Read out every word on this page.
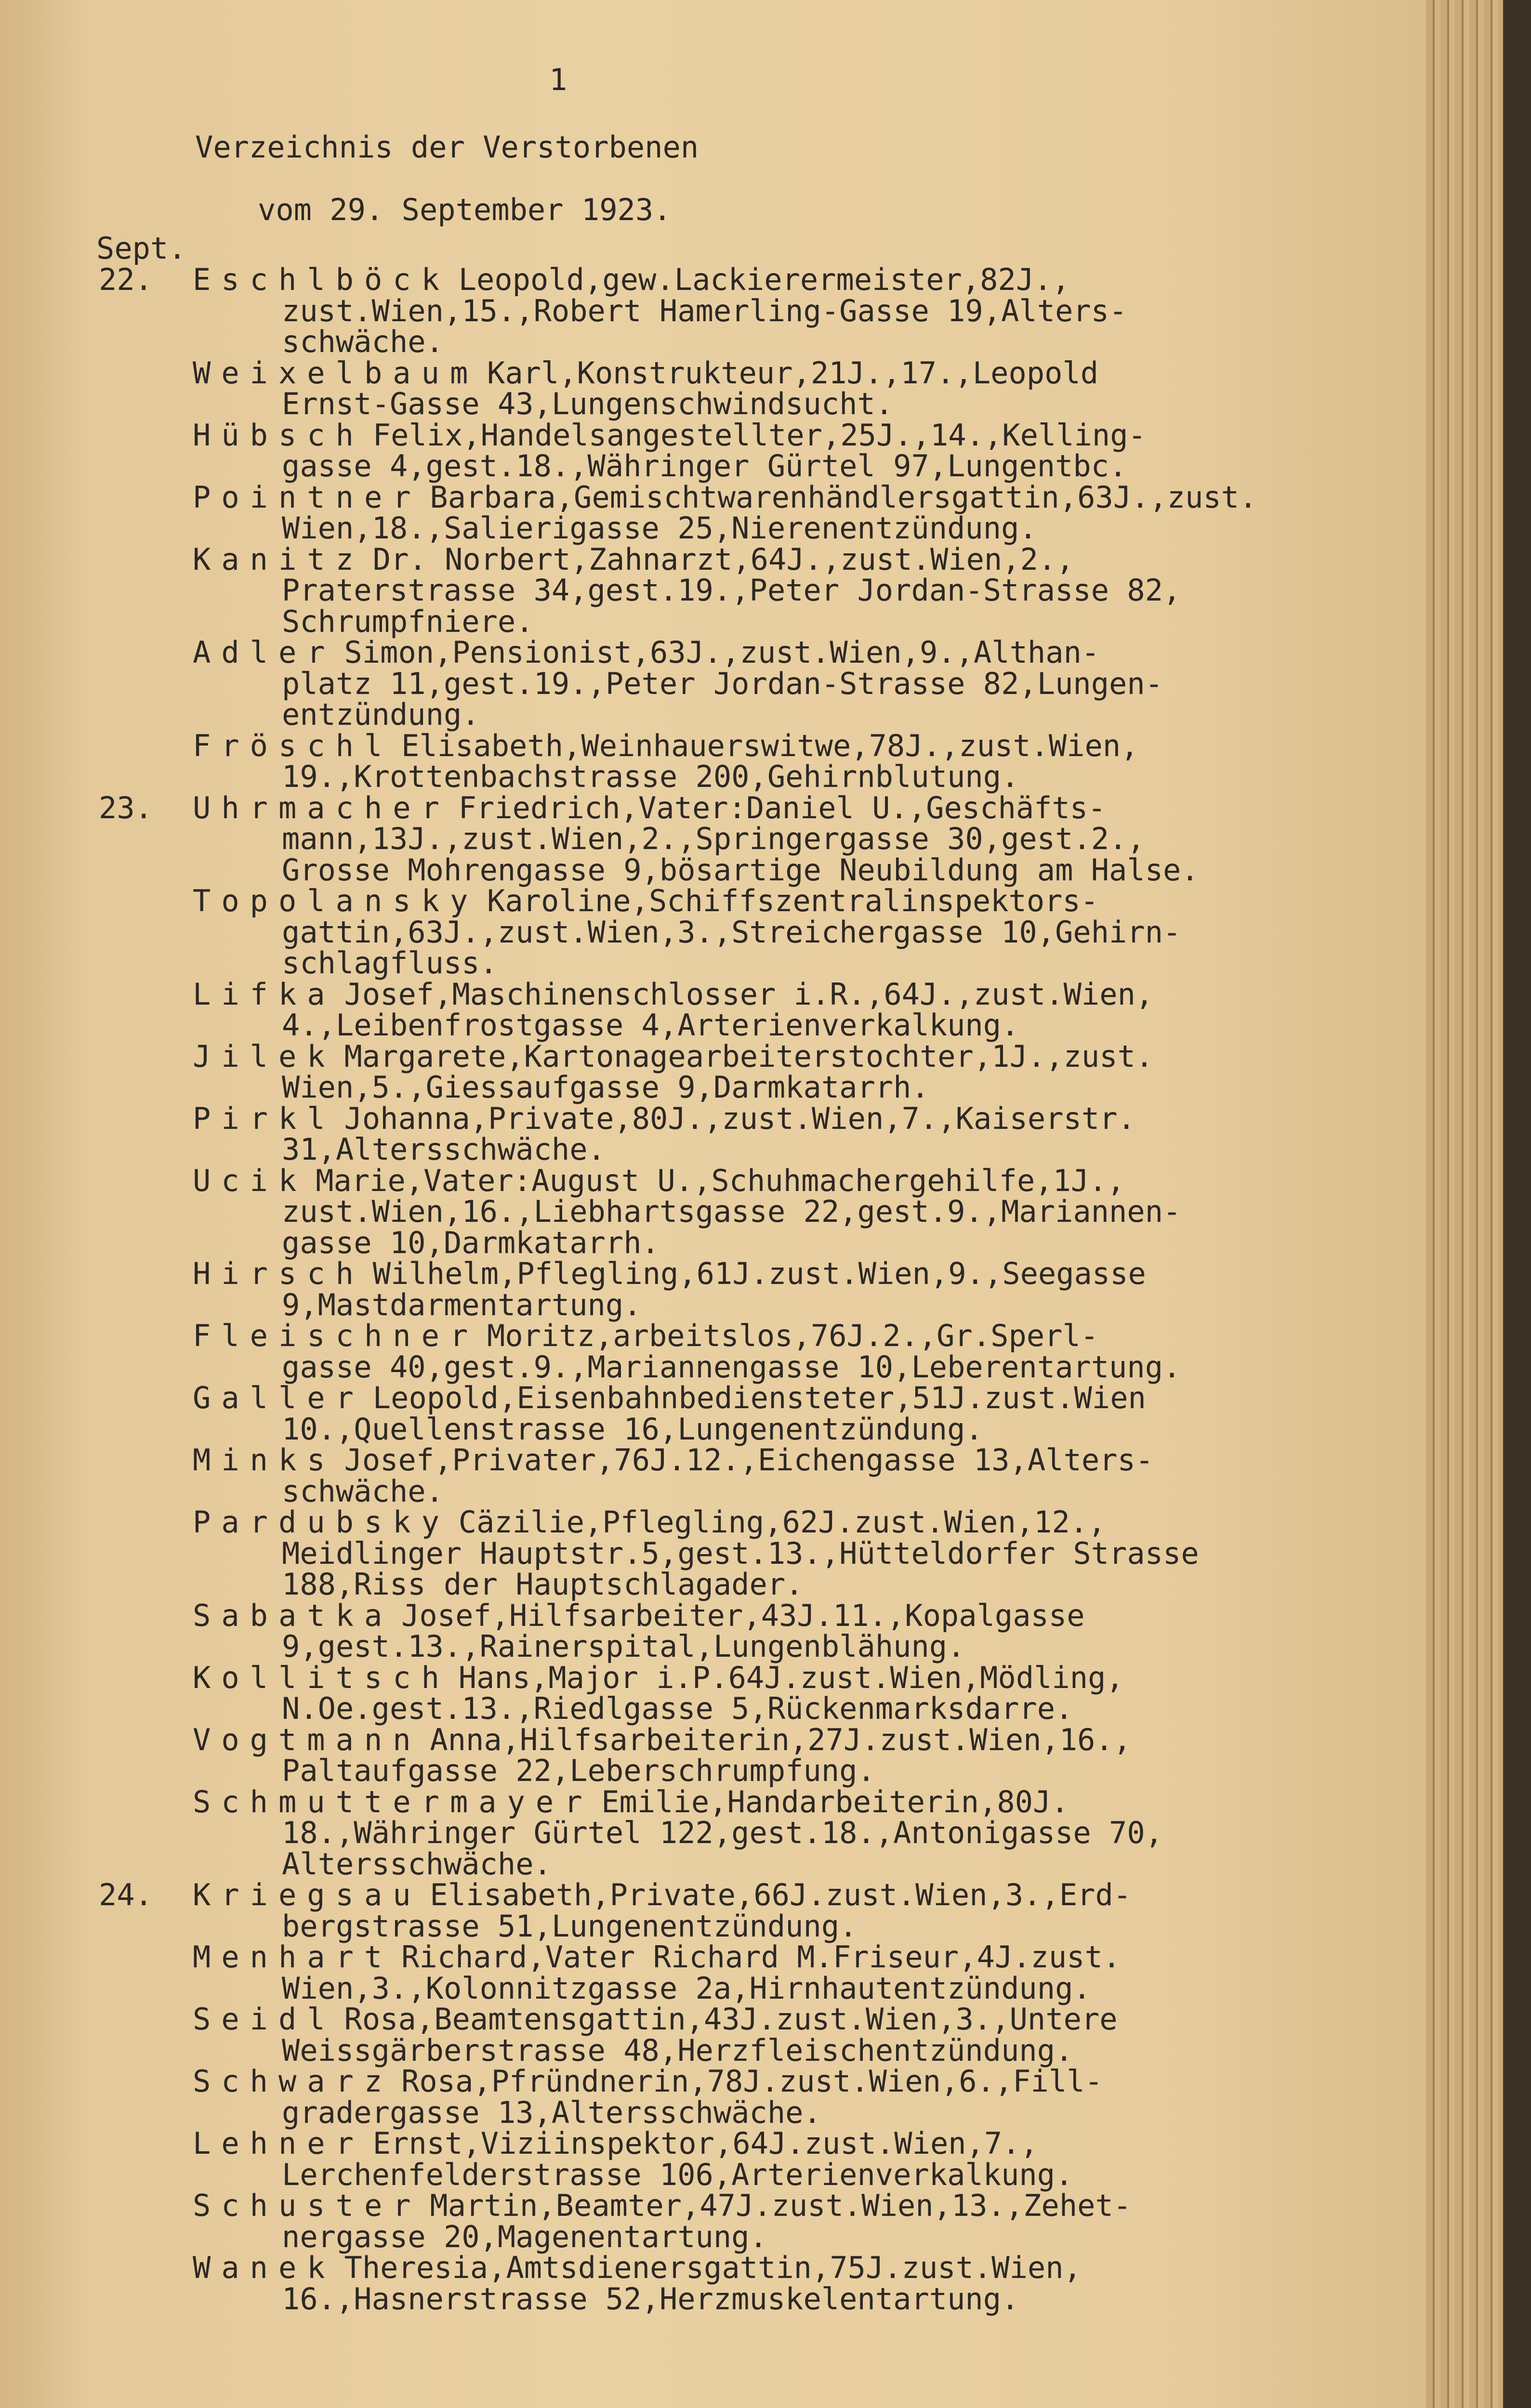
1
Verzeichnis der Verstorbenen
vom 29. September 1923.
Sept.
22. Eschlböck Leopold,gew.Lackierermeister,82J.,
zust.Wien,15.,Robert Hamerling-Gasse 19,Alters-
schwäche.
Weixelbaum Karl,Konstrukteur,21J.,17.,Leopold
Ernst-Gasse 43,Lungenschwindsucht.
Hübsch Felix,Handelsangestellter,25J.,14.,Kelling-
gasse 4,gest.18.,Währinger Gürtel 97,Lungentbc.
Pointner Barbara,Gemischtwarenhändlersgattin,63J.,zust.
Wien,18.,Salierigasse 25,Nierenentzündung.
Kanitz Dr. Norbert,Zahnarzt,64J.,zust.Wien,2.,
Praterstrasse 34,gest.19.,Peter Jordan-Strasse 82,
Schrumpfniere.
Adler Simon,Pensionist,63J.,zust.Wien,9.,Althan-
platz 11,gest.19.,Peter Jordan-Strasse 82,Lungen-
entzündung.
Fröschl Elisabeth,Weinhauerswitwe,78J.,zust.Wien,
19.,Krottenbachstrasse 200,Gehirnblutung.
23. Uhrmacher Friedrich,Vater:Daniel U.,Geschäfts-
mann,13J.,zust.Wien,2.,Springergasse 30,gest.2.,
Grosse Mohrengasse 9,bösartige Neubildung am Halse.
Topolansky Karoline,Schiffszentralinspektors-
gattin,63J.,zust.Wien,3.,Streichergasse 10,Gehirn-
schlagfluss.
Lifka Josef,Maschinenschlosser i.R.,64J.,zust.Wien,
4.,Leibenfrostgasse 4,Arterienverkalkung.
Jilek Margarete,Kartonagearbeiterstochter,1J.,zust.
Wien,5.,Giessaufgasse 9,Darmkatarrh.
Pirkl Johanna,Private,80J.,zust.Wien,7.,Kaiserstr.
31,Altersschwäche.
Ucik Marie,Vater:August U.,Schuhmachergehilfe,1J.,
zust.Wien,16.,Liebhartsgasse 22,gest.9.,Mariannen-
gasse 10,Darmkatarrh.
Hirsch Wilhelm,Pflegling,61J.zust.Wien,9.,Seegasse
9,Mastdarmentartung.
Fleischner Moritz,arbeitslos,76J.2.,Gr.Sperl-
gasse 40,gest.9.,Mariannengasse 10,Leberentartung.
Galler Leopold,Eisenbahnbediensteter,51J.zust.Wien
10.,Quellenstrasse 16,Lungenentzündung.
Minks Josef,Privater,76J.12.,Eichengasse 13,Alters-
schwäche.
Pardubsky Cäzilie,Pflegling,62J.zust.Wien,12.,
Meidlinger Hauptstr.5,gest.13.,Hütteldorfer Strasse
188,Riss der Hauptschlagader.
Sabatka Josef,Hilfsarbeiter,43J.11.,Kopalgasse
9,gest.13.,Rainerspital,Lungenblähung.
Kollitsch Hans,Major i.P.64J.zust.Wien,Mödling,
N.Oe.gest.13.,Riedlgasse 5,Rückenmarksdarre.
Vogtmann Anna,Hilfsarbeiterin,27J.zust.Wien,16.,
Paltaufgasse 22,Leberschrumpfung.
Schmuttermayer Emilie,Handarbeiterin,80J.
18.,Währinger Gürtel 122,gest.18.,Antonigasse 70,
Altersschwäche.
24. Kriegsau Elisabeth,Private,66J.zust.Wien,3.,Erd-
bergstrasse 51,Lungenentzündung.
Menhart Richard,Vater Richard M.Friseur,4J.zust.
Wien,3.,Kolonnitzgasse 2a,Hirnhautentzündung.
Seidl Rosa,Beamtensgattin,43J.zust.Wien,3.,Untere
Weissgärberstrasse 48,Herzfleischentzündung.
Schwarz Rosa,Pfründnerin,78J.zust.Wien,6.,Fill-
gradergasse 13,Altersschwäche.
Lehner Ernst,Viziinspektor,64J.zust.Wien,7.,
Lerchenfelderstrasse 106,Arterienverkalkung.
Schuster Martin,Beamter,47J.zust.Wien,13.,Zehet-
nergasse 20,Magenentartung.
Wanek Theresia,Amtsdienersgattin,75J.zust.Wien,
16.,Hasnerstrasse 52,Herzmuskelentartung.
